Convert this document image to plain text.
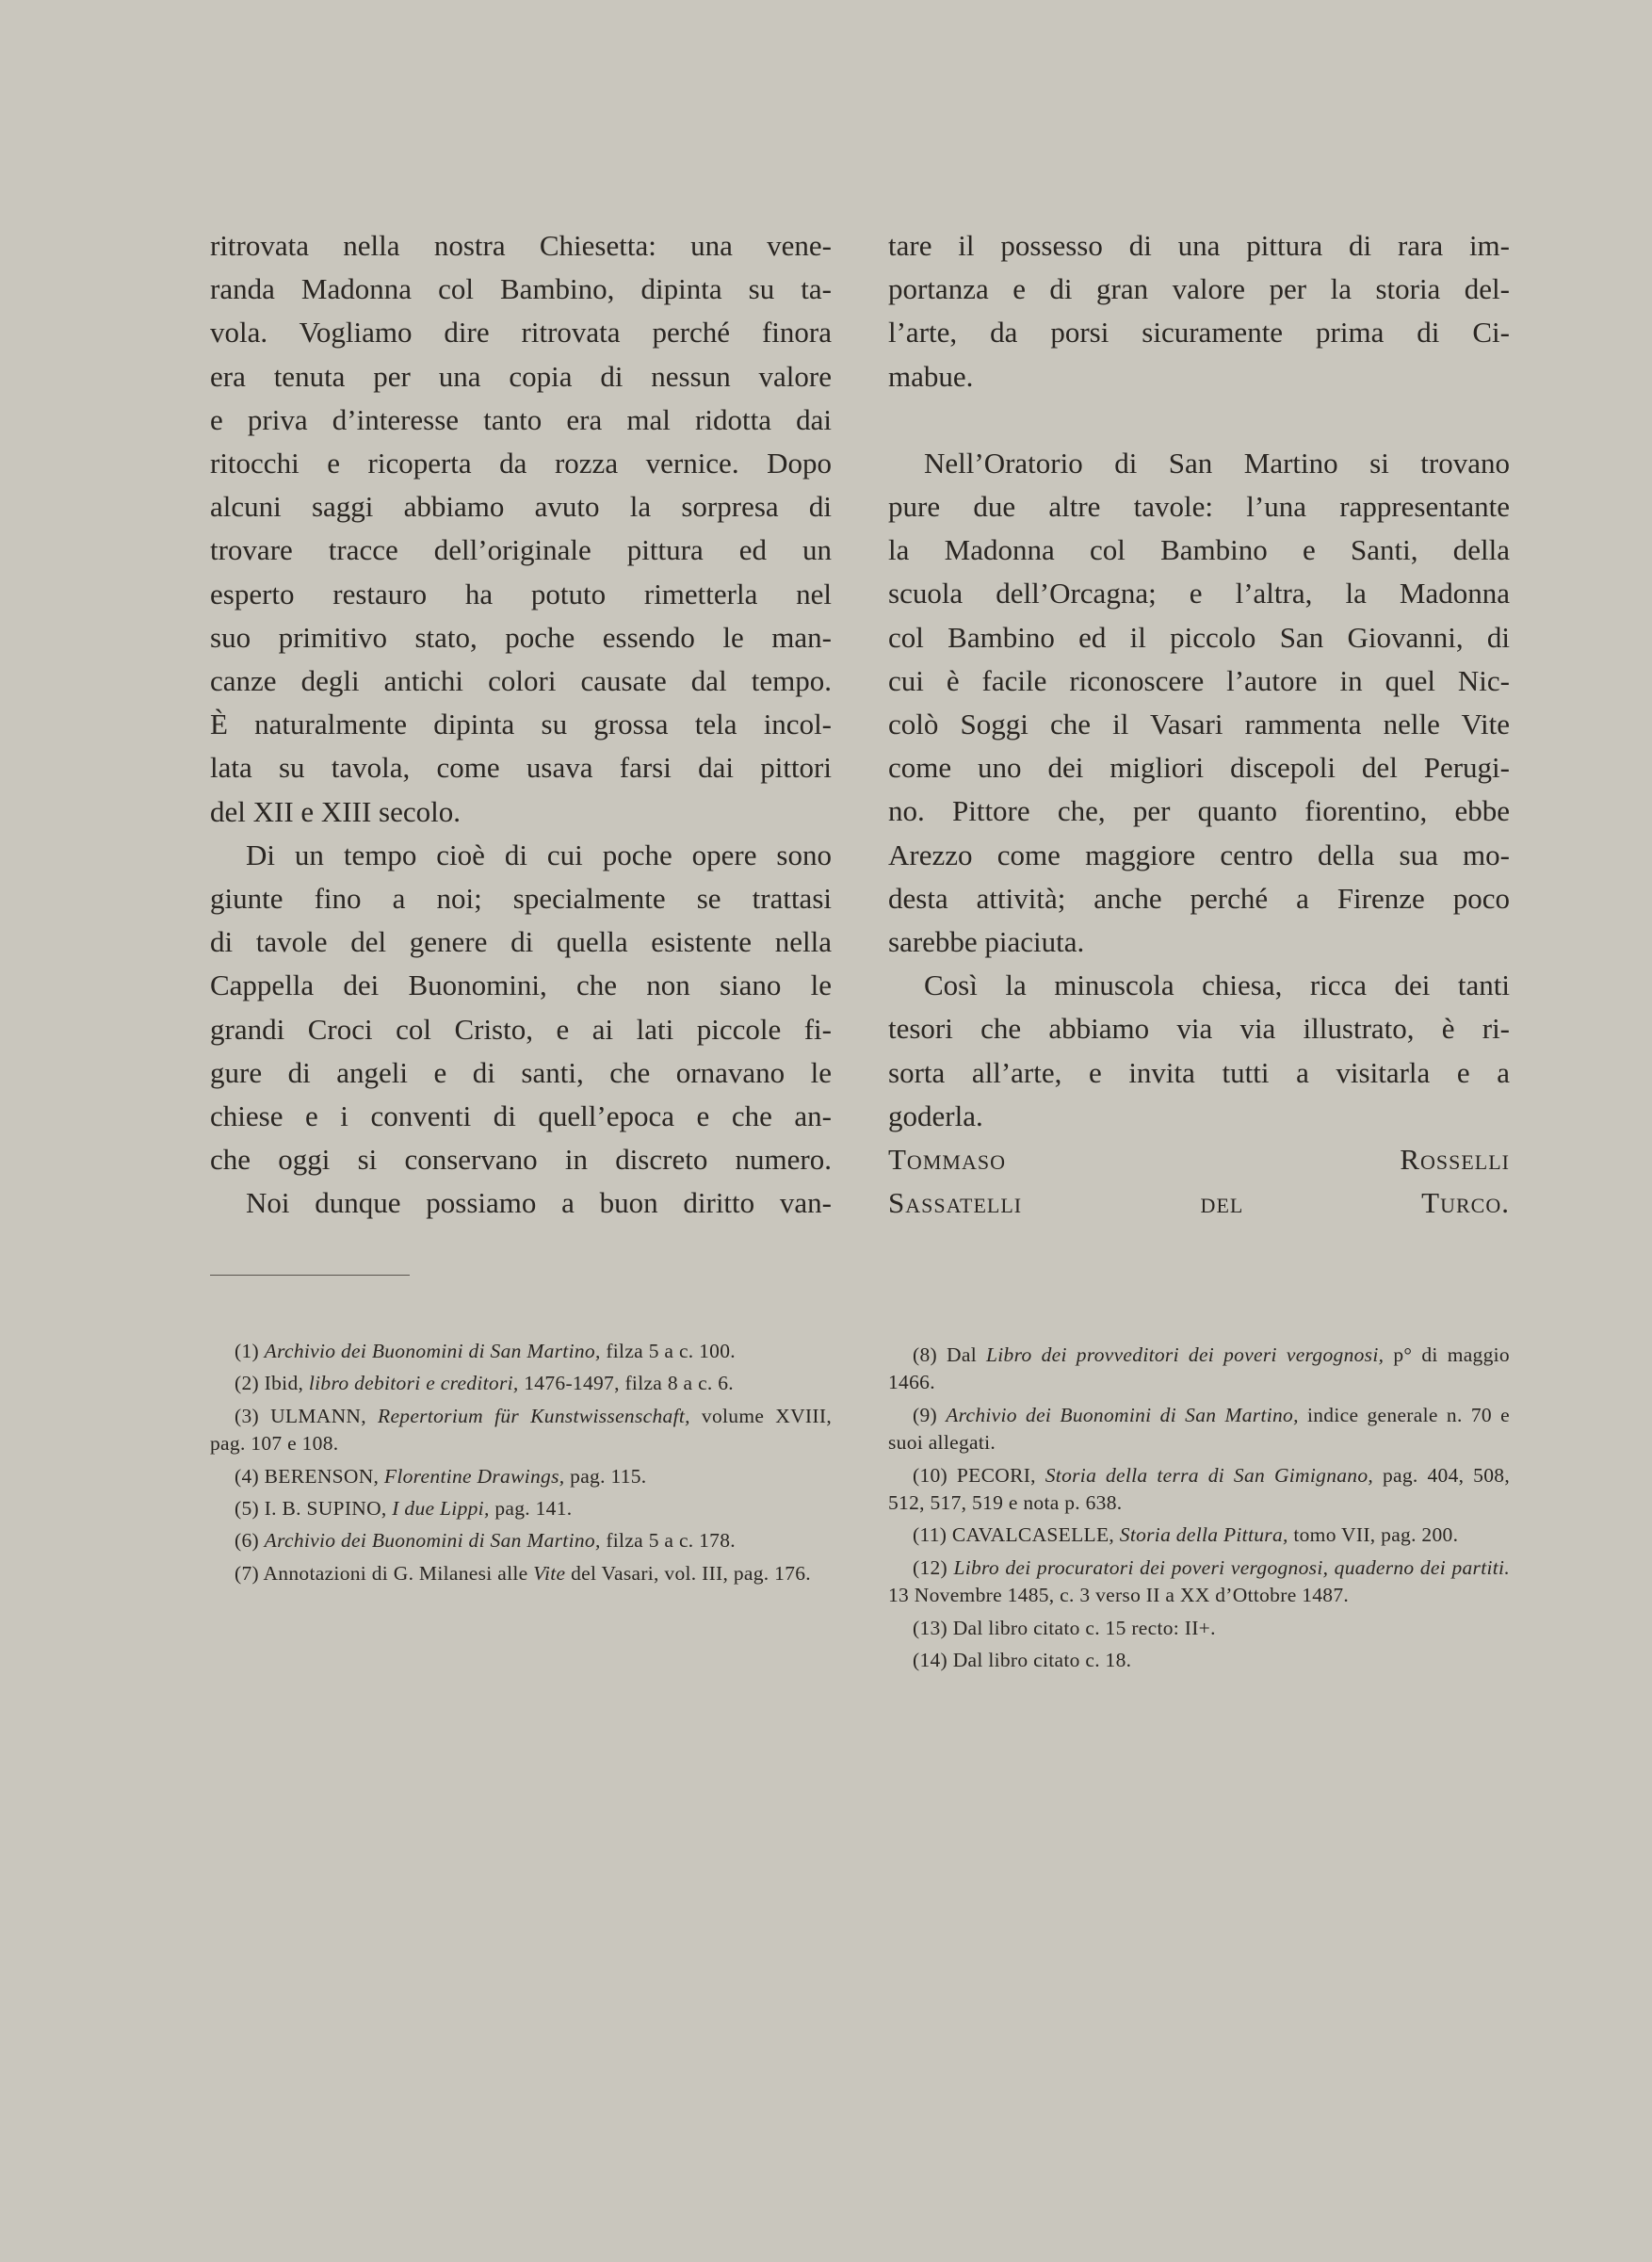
ritrovata nella nostra Chiesetta: una vene-

randa Madonna col Bambino, dipinta su ta-

vola. Vogliamo dire ritrovata perché finora

era tenuta per una copia di nessun valore

e priva d’interesse tanto era mal ridotta dai

ritocchi e ricoperta da rozza vernice. Dopo

alcuni saggi abbiamo avuto la sorpresa di

trovare tracce dell’originale pittura ed un

esperto restauro ha potuto rimetterla nel

suo primitivo stato, poche essendo le man-

canze degli antichi colori causate dal tempo.

È naturalmente dipinta su grossa tela incol-

lata su tavola, come usava farsi dai pittori

del XII e XIII secolo.

Di un tempo cioè di cui poche opere sono

giunte fino a noi; specialmente se trattasi

di tavole del genere di quella esistente nella

Cappella dei Buonomini, che non siano le

grandi Croci col Cristo, e ai lati piccole fi-

gure di angeli e di santi, che ornavano le

chiese e i conventi di quell’epoca e che an-

che oggi si conservano in discreto numero.

Noi dunque possiamo a buon diritto van-

tare il possesso di una pittura di rara im-

portanza e di gran valore per la storia del-

l’arte, da porsi sicuramente prima di Ci-

mabue.

Nell’Oratorio di San Martino si trovano

pure due altre tavole: l’una rappresentante

la Madonna col Bambino e Santi, della

scuola dell’Orcagna; e l’altra, la Madonna

col Bambino ed il piccolo San Giovanni, di

cui è facile riconoscere l’autore in quel Nic-

colò Soggi che il Vasari rammenta nelle Vite

come uno dei migliori discepoli del Perugi-

no. Pittore che, per quanto fiorentino, ebbe

Arezzo come maggiore centro della sua mo-

desta attività; anche perché a Firenze poco

sarebbe piaciuta.

Così la minuscola chiesa, ricca dei tanti

tesori che abbiamo via via illustrato, è ri-

sorta all’arte, e invita tutti a visitarla e a

goderla.

Tommaso Rosselli

Sassatelli del Turco.

(1) Archivio dei Buonomini di San Martino, filza 5 a c. 100.

(2) Ibid, libro debitori e creditori, 1476-1497, filza 8 a c. 6.

(3) ULMANN, Repertorium für Kunstwissenschaft, volume XVIII, pag. 107 e 108.

(4) BERENSON, Florentine Drawings, pag. 115.

(5) I. B. SUPINO, I due Lippi, pag. 141.

(6) Archivio dei Buonomini di San Martino, filza 5 a c. 178.

(7) Annotazioni di G. Milanesi alle Vite del Vasari, vol. III, pag. 176.

(8) Dal Libro dei provveditori dei poveri vergognosi, p° di maggio 1466.

(9) Archivio dei Buonomini di San Martino, indice generale n. 70 e suoi allegati.

(10) PECORI, Storia della terra di San Gimignano, pag. 404, 508, 512, 517, 519 e nota p. 638.

(11) CAVALCASELLE, Storia della Pittura, tomo VII, pag. 200.

(12) Libro dei procuratori dei poveri vergognosi, quaderno dei partiti. 13 Novembre 1485, c. 3 verso II a XX d’Ottobre 1487.

(13) Dal libro citato c. 15 recto: II+.

(14) Dal libro citato c. 18.
